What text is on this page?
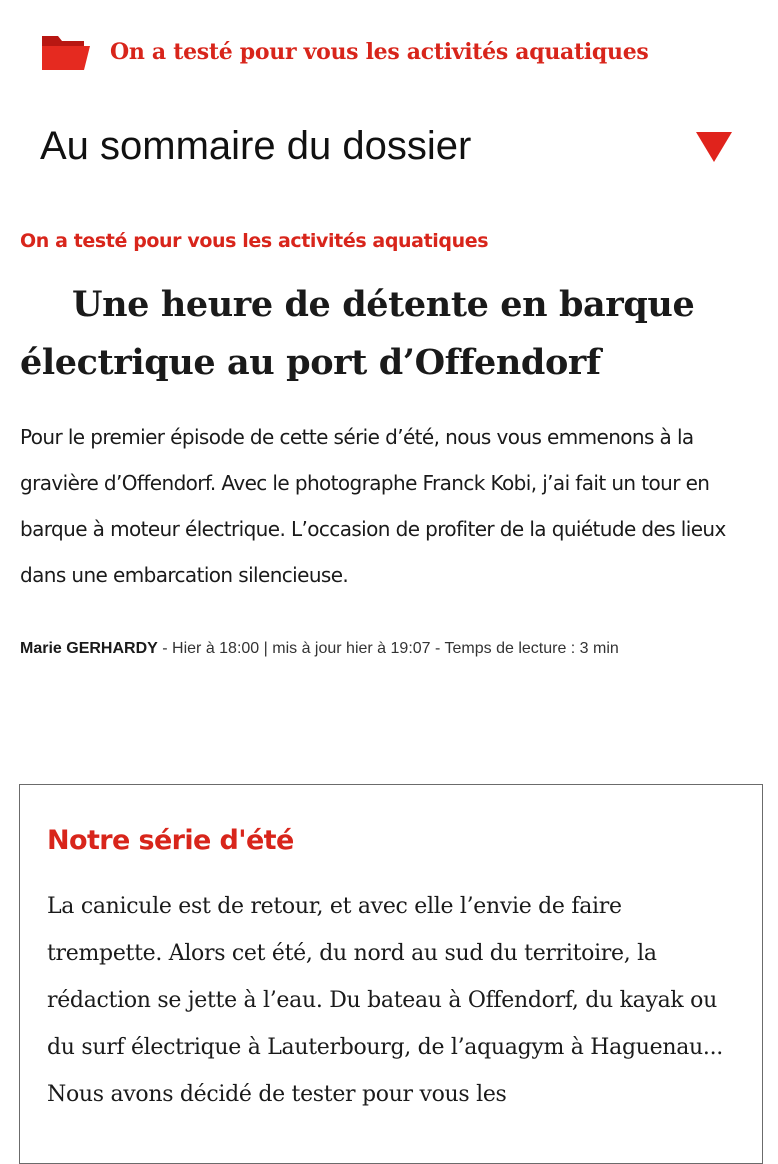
On a testé pour vous les activités aquatiques
Au sommaire du dossier
On a testé pour vous les activités aquatiques
Une heure de détente en barque
électrique au port d’Offendorf

Pour le premier épisode de cette série d’été, nous vous emmenons à la gravière d’Offendorf. Avec le photographe Franck Kobi, j’ai fait un tour en barque à moteur électrique. L’occasion de profiter de la quiétude des lieux dans une embarcation silencieuse.

Marie GERHARDY - Hier à 18:00 | mis à jour hier à 19:07 - Temps de lecture : 3 min
Notre série d'été

La canicule est de retour, et avec elle l’envie de faire trempette. Alors cet été, du nord au sud du territoire, la rédaction se jette à l’eau. Du bateau à Offendorf, du kayak ou du surf électrique à Lauterbourg, de l’aquagym à Haguenau... Nous avons décidé de tester pour vous les
